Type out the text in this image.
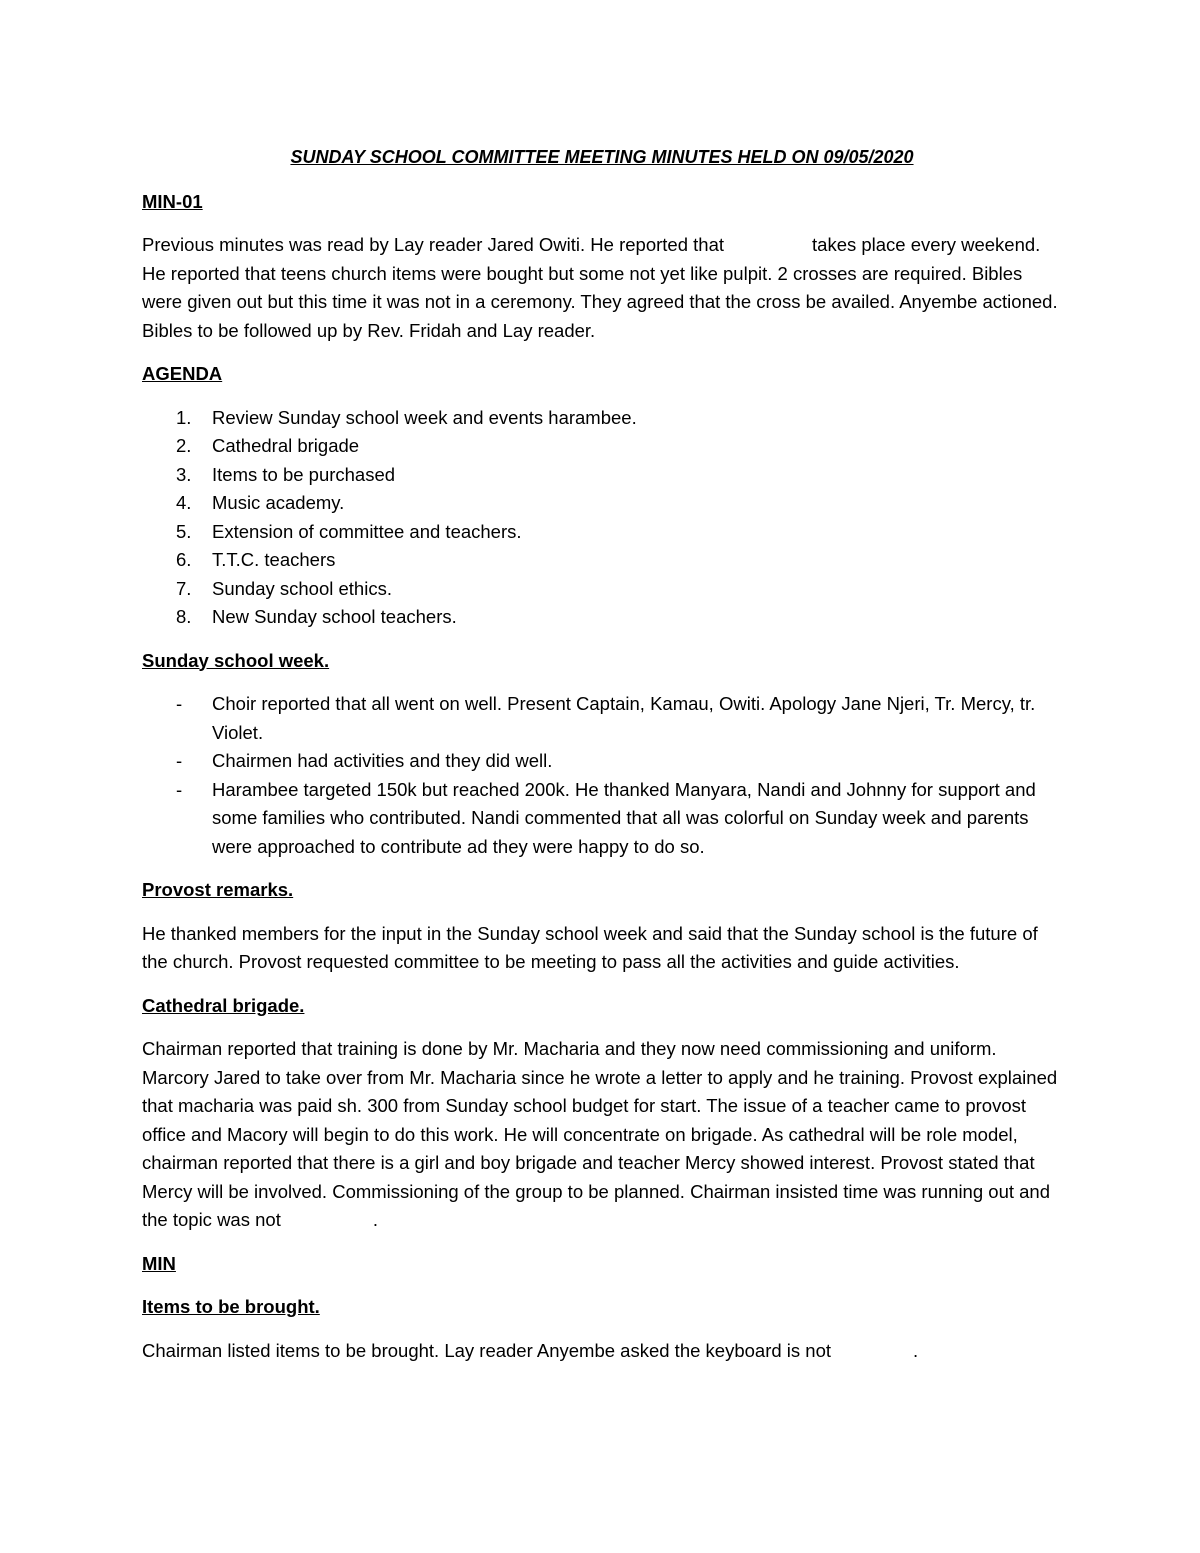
SUNDAY SCHOOL COMMITTEE MEETING MINUTES HELD ON 09/05/2020
MIN-01
Previous minutes was read by Lay reader Jared Owiti. He reported that	takes place every weekend. He reported that teens church items were bought but some not yet like pulpit. 2 crosses are required. Bibles were given out but this time it was not in a ceremony. They agreed that the cross be availed. Anyembe actioned. Bibles to be followed up by Rev. Fridah and Lay reader.
AGENDA
1. Review Sunday school week and events harambee.
2. Cathedral brigade
3. Items to be purchased
4. Music academy.
5. Extension of committee and teachers.
6. T.T.C. teachers
7. Sunday school ethics.
8. New Sunday school teachers.
Sunday school week.
- Choir reported that all went on well. Present Captain, Kamau, Owiti. Apology Jane Njeri, Tr. Mercy, tr. Violet.
- Chairmen had activities and they did well.
- Harambee targeted 150k but reached 200k. He thanked Manyara, Nandi and Johnny for support and some families who contributed. Nandi commented that all was colorful on Sunday week and parents were approached to contribute ad they were happy to do so.
Provost remarks.
He thanked members for the input in the Sunday school week and said that the Sunday school is the future of the church. Provost requested committee to be meeting to pass all the activities and guide activities.
Cathedral brigade.
Chairman reported that training is done by Mr. Macharia and they now need commissioning and uniform. Marcory Jared to take over from Mr. Macharia since he wrote a letter to apply and he training. Provost explained that macharia was paid sh. 300 from Sunday school budget for start. The issue of a teacher came to provost office and Macory will begin to do this work. He will concentrate on brigade. As cathedral will be role model, chairman reported that there is a girl and boy brigade and teacher Mercy showed interest. Provost stated that Mercy will be involved. Commissioning of the group to be planned. Chairman insisted time was running out and the topic was not	.
MIN
Items to be brought.
Chairman listed items to be brought. Lay reader Anyembe asked the keyboard is not	.
